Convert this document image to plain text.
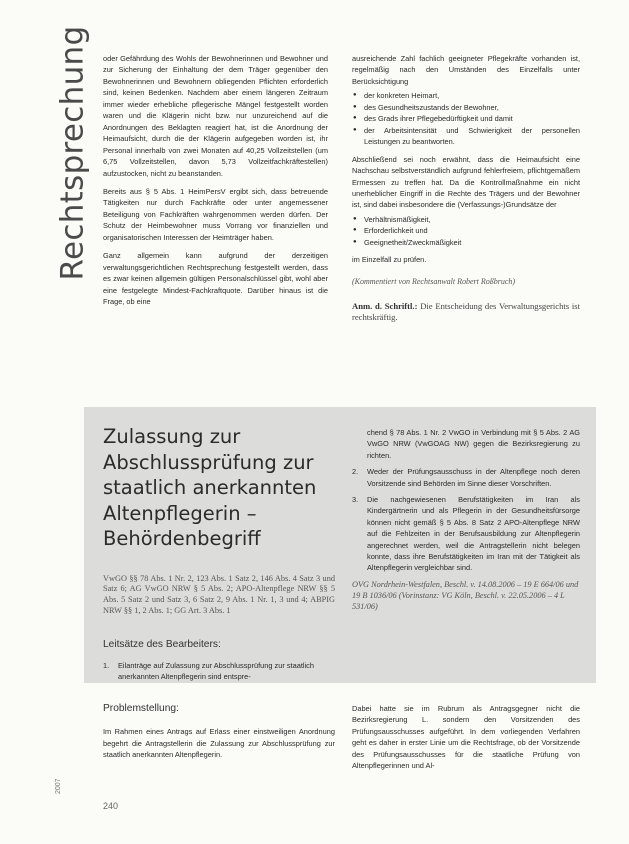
Rechtsprechung oder Gefährdung des Wohls der Bewohnerinnen und Bewohner und zur Sicherung der Einhaltung der dem Träger gegenüber den Bewohnerinnen und Bewohnern obliegenden Pflichten erforderlich sind, keinen Bedenken. Nachdem aber einem längeren Zeitraum immer wieder erhebliche pflegerische Mängel festgestellt worden waren und die Klägerin nicht bzw. nur unzureichend auf die Anordnungen des Beklagten reagiert hat, ist die Anordnung der Heimaufsicht, durch die der Klägerin aufgegeben worden ist, ihr Personal innerhalb von zwei Monaten auf 40,25 Vollzeitstellen (um 6,75 Vollzeitstellen, davon 5,73 Vollzeitfachkräftestellen) aufzustocken, nicht zu beanstanden.

Bereits aus § 5 Abs. 1 HeimPersV ergibt sich, dass betreuende Tätigkeiten nur durch Fachkräfte oder unter angemessener Beteiligung von Fachkräften wahrgenommen werden dürfen. Der Schutz der Heimbewohner muss Vorrang vor finanziellen und organisatorischen Interessen der Heimträger haben.

Ganz allgemein kann aufgrund der derzeitigen verwaltungsgerichtlichen Rechtsprechung festgestellt werden, dass es zwar keinen allgemein gültigen Personalschlüssel gibt, wohl aber eine festgelegte Mindest-Fachkraftquote. Darüber hinaus ist die Frage, ob eine

ausreichende Zahl fachlich geeigneter Pflegekräfte vorhanden ist, regelmäßig nach den Umständen des Einzelfalls unter Berücksichtigung

● der konkreten Heimart,
● des Gesundheitszustands der Bewohner,
● des Grads ihrer Pflegebedürftigkeit und damit
● der Arbeitsintensität und Schwierigkeit der personellen Leistungen zu beantworten.

Abschließend sei noch erwähnt, dass die Heimaufsicht eine Nachschau selbstverständlich aufgrund fehlerfreiem, pflichtgemäßem Ermessen zu treffen hat. Da die Kontrollmaßnahme ein nicht unerheblicher Eingriff in die Rechte des Trägers und der Bewohner ist, sind dabei insbesondere die (Verfassungs-)Grundsätze der

● Verhältnismäßigkeit,
● Erforderlichkeit und
● Geeignetheit/Zweckmäßigkeit

im Einzelfall zu prüfen.

(Kommentiert von Rechtsanwalt Robert Roßbruch)
Anm. d. Schriftl.: Die Entscheidung des Verwaltungsgerichts ist rechtskräftig.
Zulassung zur Abschlussprüfung zur staatlich anerkannten Altenpflegerin – Behördenbegriff
VwGO §§ 78 Abs. 1 Nr. 2, 123 Abs. 1 Satz 2, 146 Abs. 4 Satz 3 und Satz 6; AG VwGO NRW § 5 Abs. 2; APO-Altenpflege NRW §§ 5 Abs. 5 Satz 2 und Satz 3, 6 Satz 2, 9 Abs. 1 Nr. 1, 3 und 4; ABPIG NRW §§ 1, 2 Abs. 1; GG Art. 3 Abs. 1
Leitsätze des Bearbeiters:
1. Eilanträge auf Zulassung zur Abschlussprüfung zur staatlich anerkannten Altenpflegerin sind entspre-
chend § 78 Abs. 1 Nr. 2 VwGO in Verbindung mit § 5 Abs. 2 AG VwGO NRW (VwGOAG NW) gegen die Bezirksregierung zu richten.
2. Weder der Prüfungsausschuss in der Altenpflege noch deren Vorsitzende sind Behörden im Sinne dieser Vorschriften.
3. Die nachgewiesenen Berufstätigkeiten im Iran als Kindergärtnerin und als Pflegerin in der Gesundheitsfürsorge können nicht gemäß § 5 Abs. 8 Satz 2 APO-Altenpflege NRW auf die Fehlzeiten in der Berufsausbildung zur Altenpflegerin angerechnet werden, weil die Antragstellerin nicht belegen konnte, dass ihre Berufstätigkeiten im Iran mit der Tätigkeit als Altenpflegerin vergleichbar sind.
OVG Nordrhein-Westfalen, Beschl. v. 14.08.2006 – 19 E 664/06 und 19 B 1036/06 (Vorinstanz: VG Köln, Beschl. v. 22.05.2006 – 4 L 531/06)
Problemstellung:
Im Rahmen eines Antrags auf Erlass einer einstweiligen Anordnung begehrt die Antragstellerin die Zulassung zur Abschlussprüfung zur staatlich anerkannten Altenpflegerin.
Dabei hatte sie im Rubrum als Antragsgegner nicht die Bezirksregierung L. sondern den Vorsitzenden des Prüfungsausschusses aufgeführt. In dem vorliegenden Verfahren geht es daher in erster Linie um die Rechtsfrage, ob der Vorsitzende des Prüfungsausschusses für die staatliche Prüfung von Altenpflegerinnen und Al-
2007
240
